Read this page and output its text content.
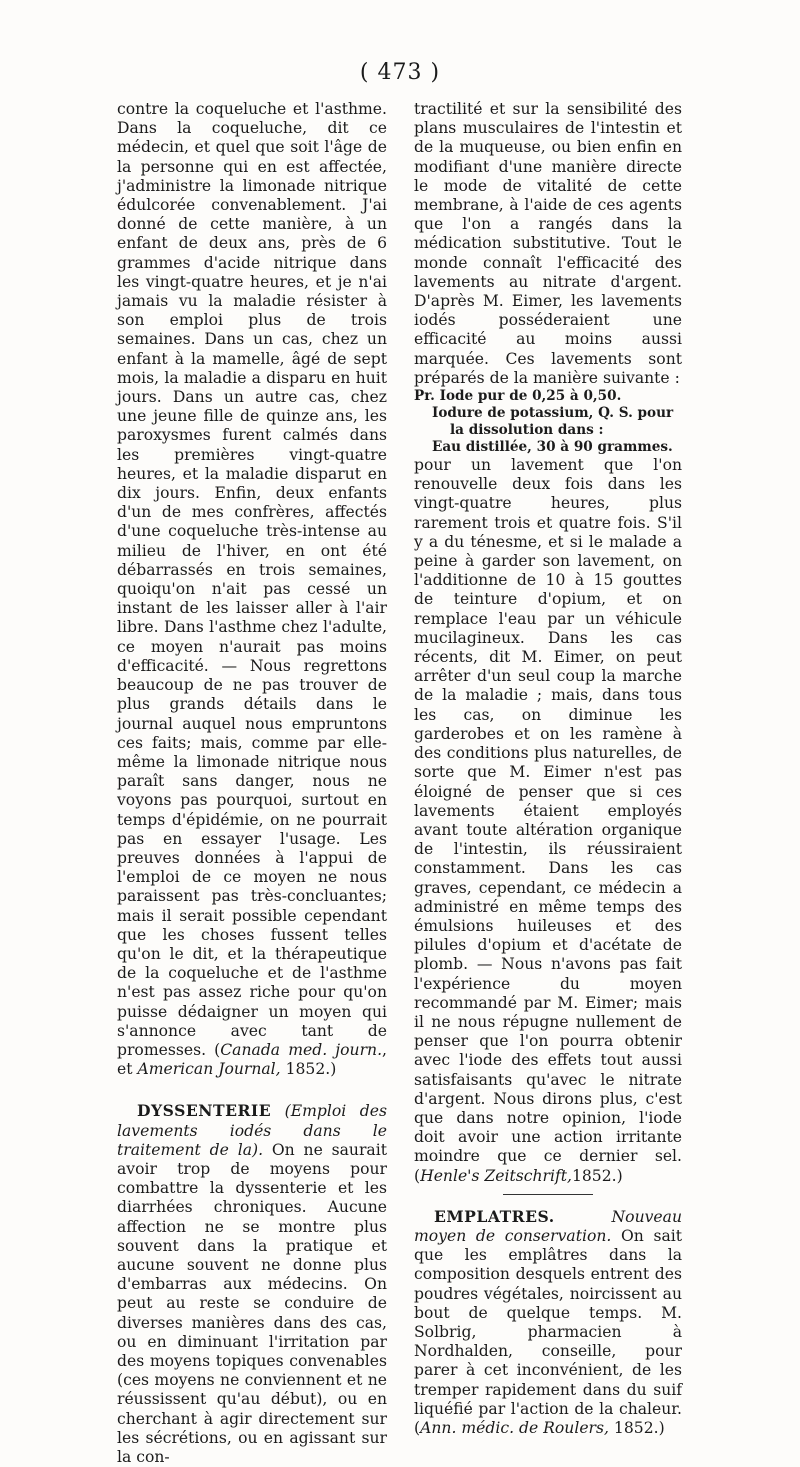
( 473 )

contre la coqueluche et l'asthme. Dans la coqueluche, dit ce médecin, et quel que soit l'âge de la personne qui en est affectée, j'administre la limonade nitrique édulcorée convenablement. J'ai donné de cette manière, à un enfant de deux ans, près de 6 grammes d'acide nitrique dans les vingt-quatre heures, et je n'ai jamais vu la maladie résister à son emploi plus de trois semaines. Dans un cas, chez un enfant à la mamelle, âgé de sept mois, la maladie a disparu en huit jours. Dans un autre cas, chez une jeune fille de quinze ans, les paroxysmes furent calmés dans les premières vingt-quatre heures, et la maladie disparut en dix jours. Enfin, deux enfants d'un de mes confrères, affectés d'une coqueluche très-intense au milieu de l'hiver, en ont été débarrassés en trois semaines, quoiqu'on n'ait pas cessé un instant de les laisser aller à l'air libre. Dans l'asthme chez l'adulte, ce moyen n'aurait pas moins d'efficacité. — Nous regrettons beaucoup de ne pas trouver de plus grands détails dans le journal auquel nous empruntons ces faits; mais, comme par elle-même la limonade nitrique nous paraît sans danger, nous ne voyons pas pourquoi, surtout en temps d'épidémie, on ne pourrait pas en essayer l'usage. Les preuves données à l'appui de l'emploi de ce moyen ne nous paraissent pas très-concluantes; mais il serait possible cependant que les choses fussent telles qu'on le dit, et la thérapeutique de la coqueluche et de l'asthme n'est pas assez riche pour qu'on puisse dédaigner un moyen qui s'annonce avec tant de promesses. (Canada med. journ., et American Journal, 1852.)

DYSSENTERIE (Emploi des lavements iodés dans le traitement de la). On ne saurait avoir trop de moyens pour combattre la dyssenterie et les diarrhées chroniques. Aucune affection ne se montre plus souvent dans la pratique et aucune souvent ne donne plus d'embarras aux médecins. On peut au reste se conduire de diverses manières dans des cas, ou en diminuant l'irritation par des moyens topiques convenables (ces moyens ne conviennent et ne réussissent qu'au début), ou en cherchant à agir directement sur les sécrétions, ou en agissant sur la con-

tractilité et sur la sensibilité des plans musculaires de l'intestin et de la muqueuse, ou bien enfin en modifiant d'une manière directe le mode de vitalité de cette membrane, à l'aide de ces agents que l'on a rangés dans la médication substitutive. Tout le monde connaît l'efficacité des lavements au nitrate d'argent. D'après M. Eimer, les lavements iodés posséderaient une efficacité au moins aussi marquée. Ces lavements sont préparés de la manière suivante :

Pr. Iode pur de 0,25 à 0,50.
Iodure de potassium, Q. S. pour
la dissolution dans :
Eau distillée, 30 à 90 grammes.

pour un lavement que l'on renouvelle deux fois dans les vingt-quatre heures, plus rarement trois et quatre fois. S'il y a du ténesme, et si le malade a peine à garder son lavement, on l'additionne de 10 à 15 gouttes de teinture d'opium, et on remplace l'eau par un véhicule mucilagineux. Dans les cas récents, dit M. Eimer, on peut arrêter d'un seul coup la marche de la maladie ; mais, dans tous les cas, on diminue les garderobes et on les ramène à des conditions plus naturelles, de sorte que M. Eimer n'est pas éloigné de penser que si ces lavements étaient employés avant toute altération organique de l'intestin, ils réussiraient constamment. Dans les cas graves, cependant, ce médecin a administré en même temps des émulsions huileuses et des pilules d'opium et d'acétate de plomb. — Nous n'avons pas fait l'expérience du moyen recommandé par M. Eimer; mais il ne nous répugne nullement de penser que l'on pourra obtenir avec l'iode des effets tout aussi satisfaisants qu'avec le nitrate d'argent. Nous dirons plus, c'est que dans notre opinion, l'iode doit avoir une action irritante moindre que ce dernier sel. (Henle's Zeitschrift,1852.)

EMPLATRES.	Nouveau moyen de conservation. On sait que les emplâtres dans la composition desquels entrent des poudres végétales, noircissent au bout de quelque temps. M. Solbrig, pharmacien à Nordhalden, conseille, pour parer à cet inconvénient, de les tremper rapidement dans du suif liquéfié par l'action de la chaleur. (Ann. médic. de Roulers, 1852.)
